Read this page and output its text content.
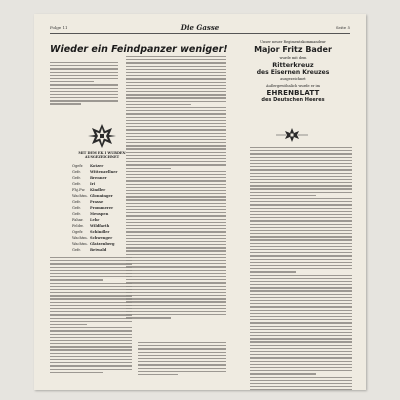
Folge 11	Die Gasse	Seite 5
Wieder ein Feindpanzer weniger!
MIT DEM EK I WURDEN
AUSGEZEICHNET
Ogefr.	Kotzer
Gefr.	Wittenzellner
Gefr.	Brenner
Gefr.	Iri
Fhj.Fw.	Kindler
Wachtm. Glonninger
Gefr.	Prasse
Gefr.	Prommerer
Gefr.	Meuspen
Fahnr.	Lehr
Feldw.	Wildfarth
Ogefr.	Schindler
Wachtm. Schwenger
Wachtm. Glatzenberg
Gefr.	Betwald
Unser neuer Regimentskommandeur
Major Fritz Bader
wurde mit dem
Ritterkreuz
des Eisernen Kreuzes
ausgezeichnet
Außergewöhnlich wurde er im
EHRENBLATT
des Deutschen Heeres
